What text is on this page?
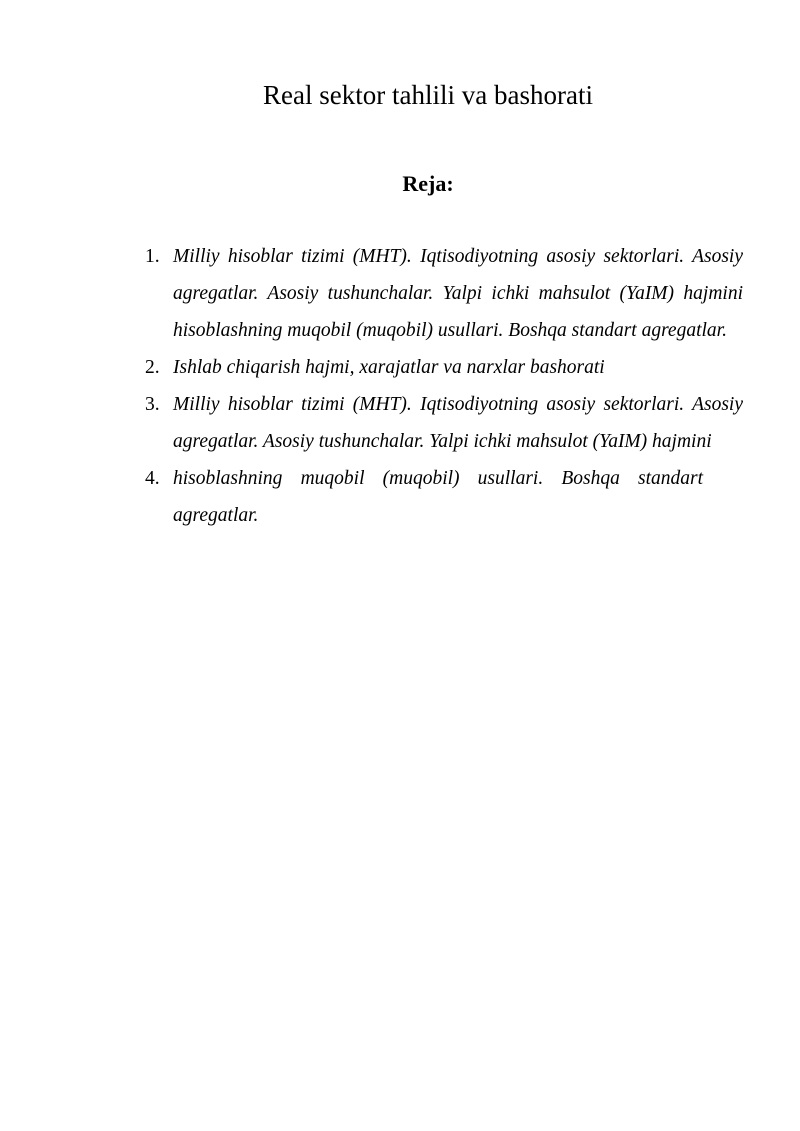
Real sektor tahlili va bashorati
Reja:
1. Milliy hisoblar tizimi (MHT). Iqtisodiyotning asosiy sektorlari. Asosiy agregatlar. Asosiy tushunchalar. Yalpi ichki mahsulot (YaIM) hajmini hisoblashning muqobil (muqobil) usullari. Boshqa standart agregatlar.
2. Ishlab chiqarish hajmi, xarajatlar va narxlar bashorati
3. Milliy hisoblar tizimi (MHT). Iqtisodiyotning asosiy sektorlari. Asosiy agregatlar. Asosiy tushunchalar. Yalpi ichki mahsulot (YaIM) hajmini
4. hisoblashning muqobil (muqobil) usullari. Boshqa standart agregatlar.
